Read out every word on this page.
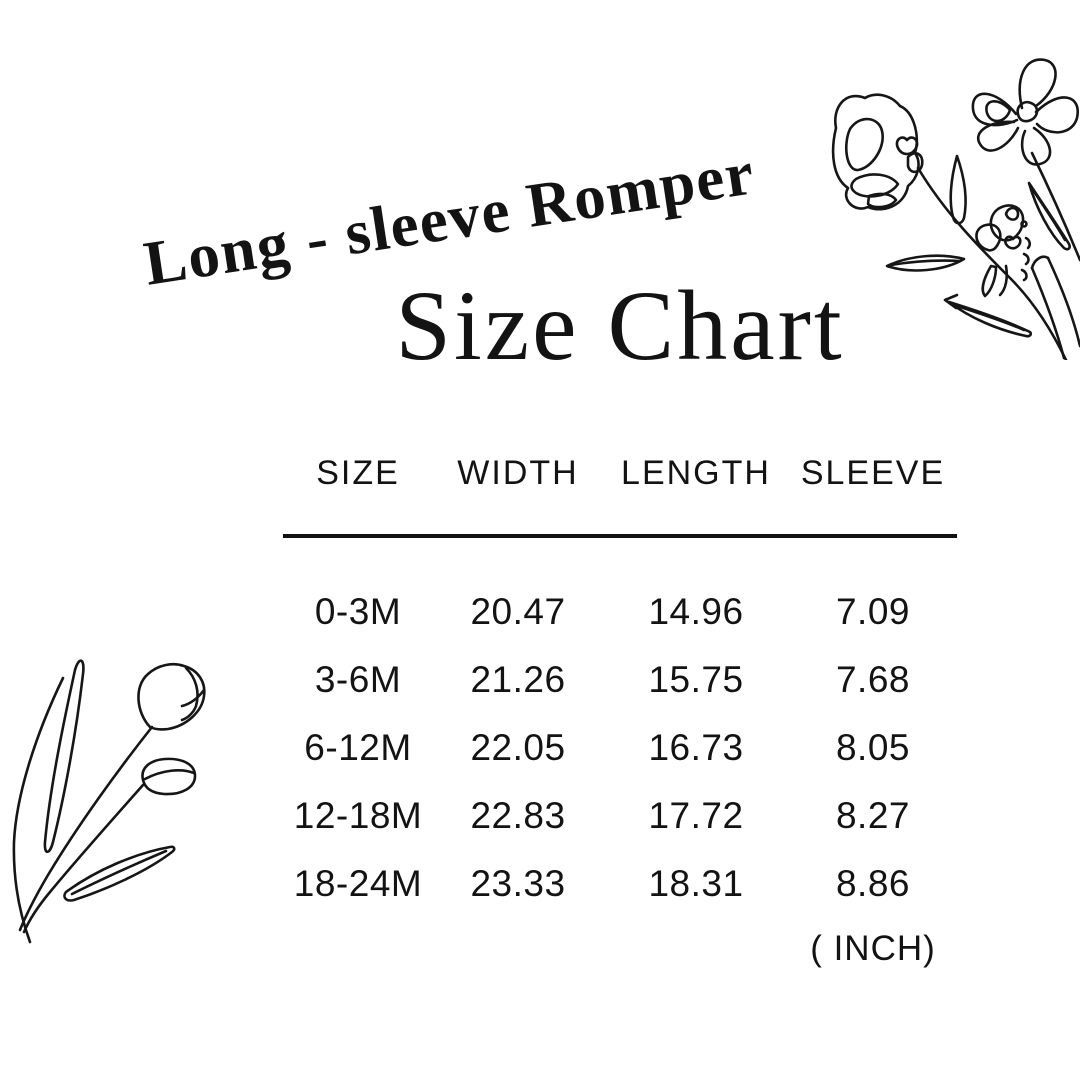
Long - sleeve Romper
Size Chart
SIZE	WIDTH	LENGTH SLEEVE
0-3M	20.47	14.96	7.09
3-6M	21.26	15.75	7.68
6-12M	22.05	16.73	8.05
12-18M	22.83	17.72	8.27
18-24M	23.33	18.31	8.86
( INCH)
